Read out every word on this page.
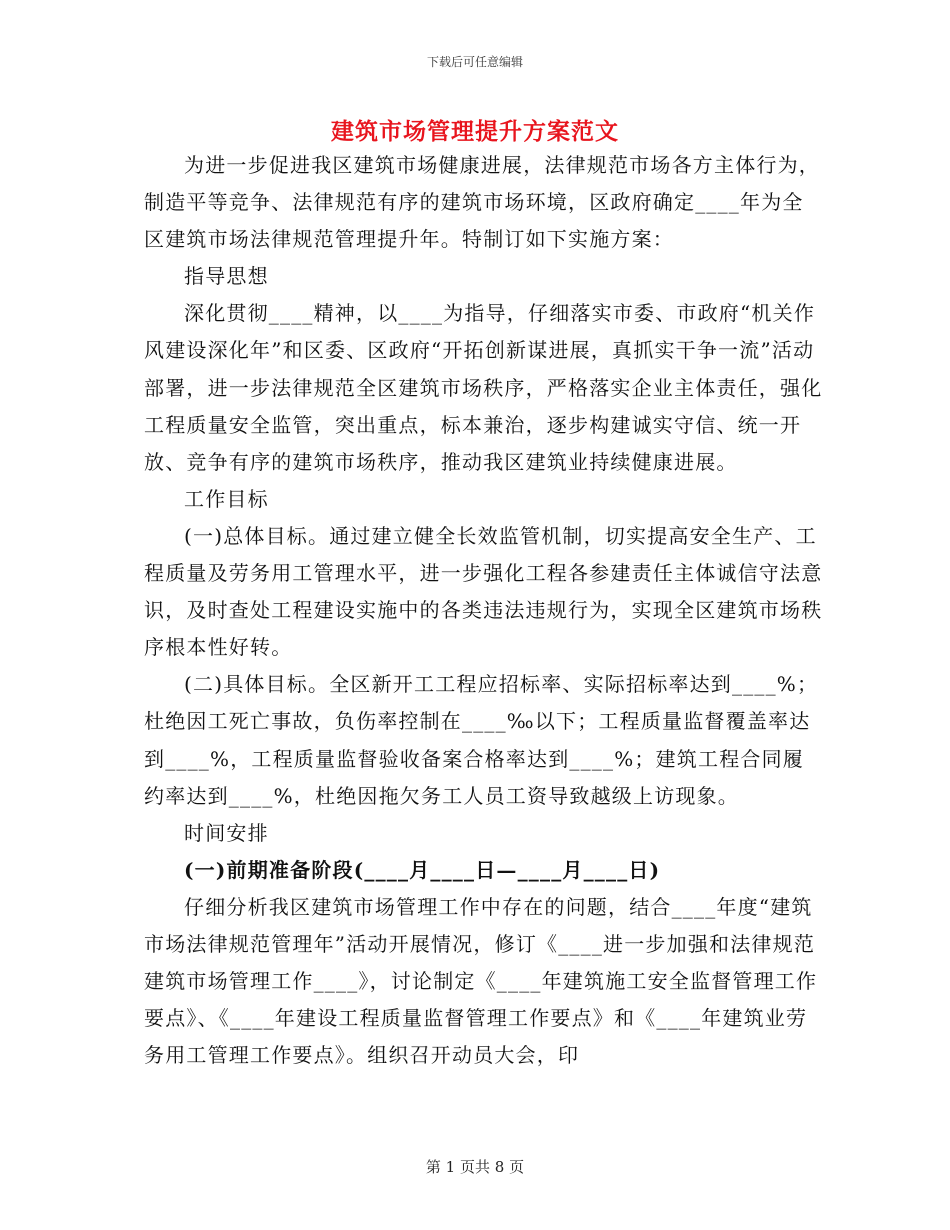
下载后可任意编辑
建筑市场管理提升方案范文

为进一步促进我区建筑市场健康进展，法律规范市场各方主体行为，制造平等竞争、法律规范有序的建筑市场环境，区政府确定____年为全区建筑市场法律规范管理提升年。特制订如下实施方案：

指导思想

深化贯彻____精神，以____为指导，仔细落实市委、市政府“机关作风建设深化年”和区委、区政府“开拓创新谋进展，真抓实干争一流”活动部署，进一步法律规范全区建筑市场秩序，严格落实企业主体责任，强化工程质量安全监管，突出重点，标本兼治，逐步构建诚实守信、统一开放、竞争有序的建筑市场秩序，推动我区建筑业持续健康进展。

工作目标

(一)总体目标。通过建立健全长效监管机制，切实提高安全生产、工程质量及劳务用工管理水平，进一步强化工程各参建责任主体诚信守法意识，及时查处工程建设实施中的各类违法违规行为，实现全区建筑市场秩序根本性好转。

(二)具体目标。全区新开工工程应招标率、实际招标率达到____%；杜绝因工死亡事故，负伤率控制在____‰以下；工程质量监督覆盖率达到____%，工程质量监督验收备案合格率达到____%；建筑工程合同履约率达到____%，杜绝因拖欠务工人员工资导致越级上访现象。

时间安排

(一)前期准备阶段(____月____日—____月____日)

仔细分析我区建筑市场管理工作中存在的问题，结合____年度“建筑市场法律规范管理年”活动开展情况，修订《____进一步加强和法律规范建筑市场管理工作____》，讨论制定《____年建筑施工安全监督管理工作要点》、《____年建设工程质量监督管理工作要点》和《____年建筑业劳务用工管理工作要点》。组织召开动员大会，印

第 1 页共 8 页
